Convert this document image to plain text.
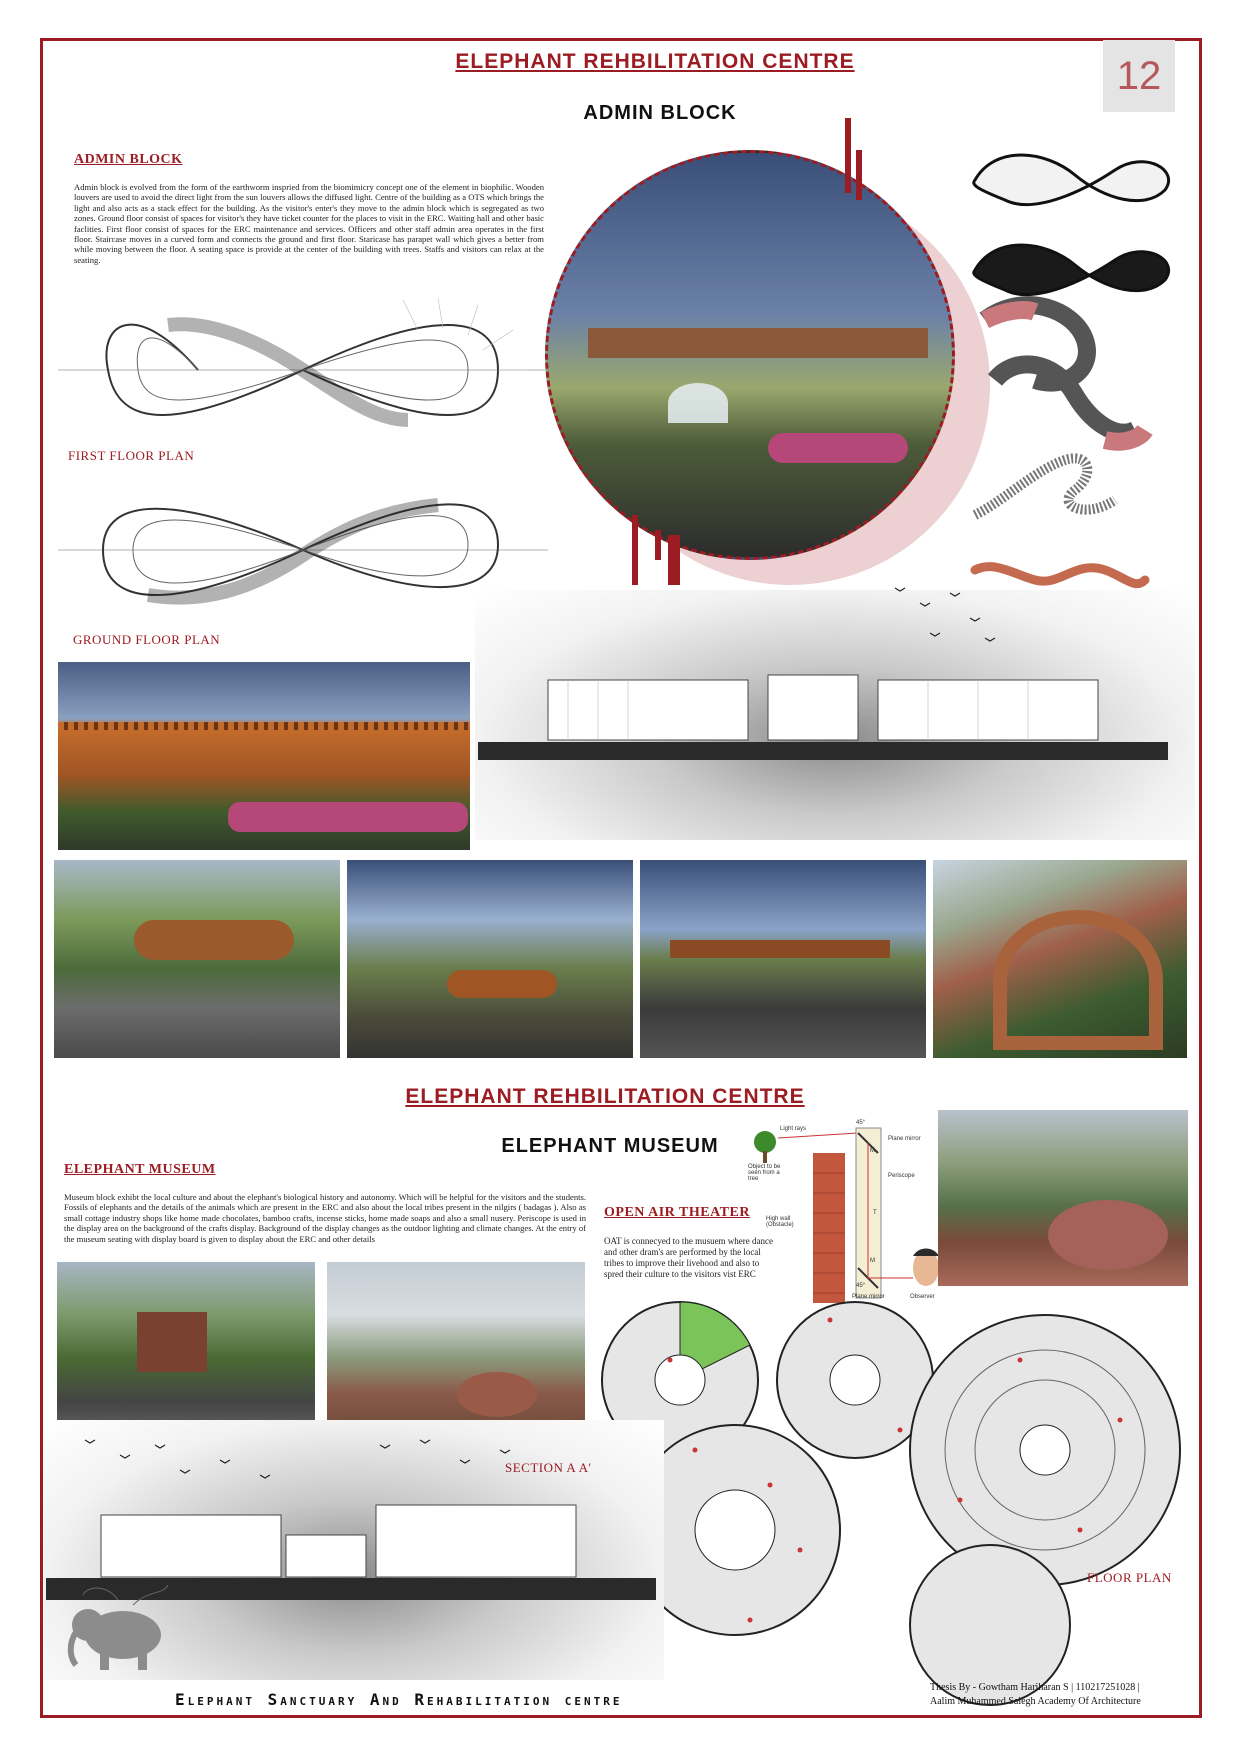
ELEPHANT REHBILITATION CENTRE	12
ADMIN BLOCK
ADMIN BLOCK
Admin block is evolved from the form of the earthworm inspried from the biomimicry concept one of the element in biophilic. Wooden louvers are used to avoid the direct light from the sun louvers allows the diffused light. Centre of the building as a OTS which brings the light and also acts as a stack effect for the building. As the visitor's enter's they move to the admin block which is segregated as two zones. Ground floor consist of spaces for visitor's they have ticket counter for the places to visit in the ERC. Waiting hall and other basic faclities. First floor consist of spaces for the ERC maintenance and services. Officers and other staff admin area operates in the first floor. Staircase moves in a curved form and connects the ground and first floor. Staricase has parapet wall which gives a better from while moving between the floor. A seating space is provide at the center of the building with trees. Staffs and visitors can relax at the seating.
FIRST FLOOR PLAN
GROUND FLOOR PLAN
ELEPHANT REHBILITATION CENTRE
ELEPHANT MUSEUM
ELEPHANT MUSEUM
Museum block exhibt the local culture and about the elephant's biological history and autonomy. Which will be helpful for the visitors and the students. Fossils of elephants and the details of the animals which are present in the ERC and also about the local tribes present in the nilgirs ( badagas ). Also as small cottage industry shops like home made chocolates, bamboo crafts, incense sticks, home made soaps and also a small nusery. Periscope is used in the display area on the background of the crafts display. Background of the display changes as the outdoor lighting and climate changes. At the entry of the museum seating with display board is given to display about the ERC and other details
OPEN AIR THEATER
OAT is connecyed to the musuem where dance and other dram's are performed by the local tribes to improve their livehood and also to spred their culture to the visitors vist ERC
Light rays
Object to be seen from a tree
High wall (Obstacle)
45°
45°
Plane mirror
Periscope
Plane mirror	Observer
M
M
T
FLOOR PLAN
SECTION A A'
Elephant Sanctuary And Rehabilitation centre
Thesis By - Gowtham Hariharan S | 110217251028 |
Aalim Muhammed Salegh Academy Of Architecture
